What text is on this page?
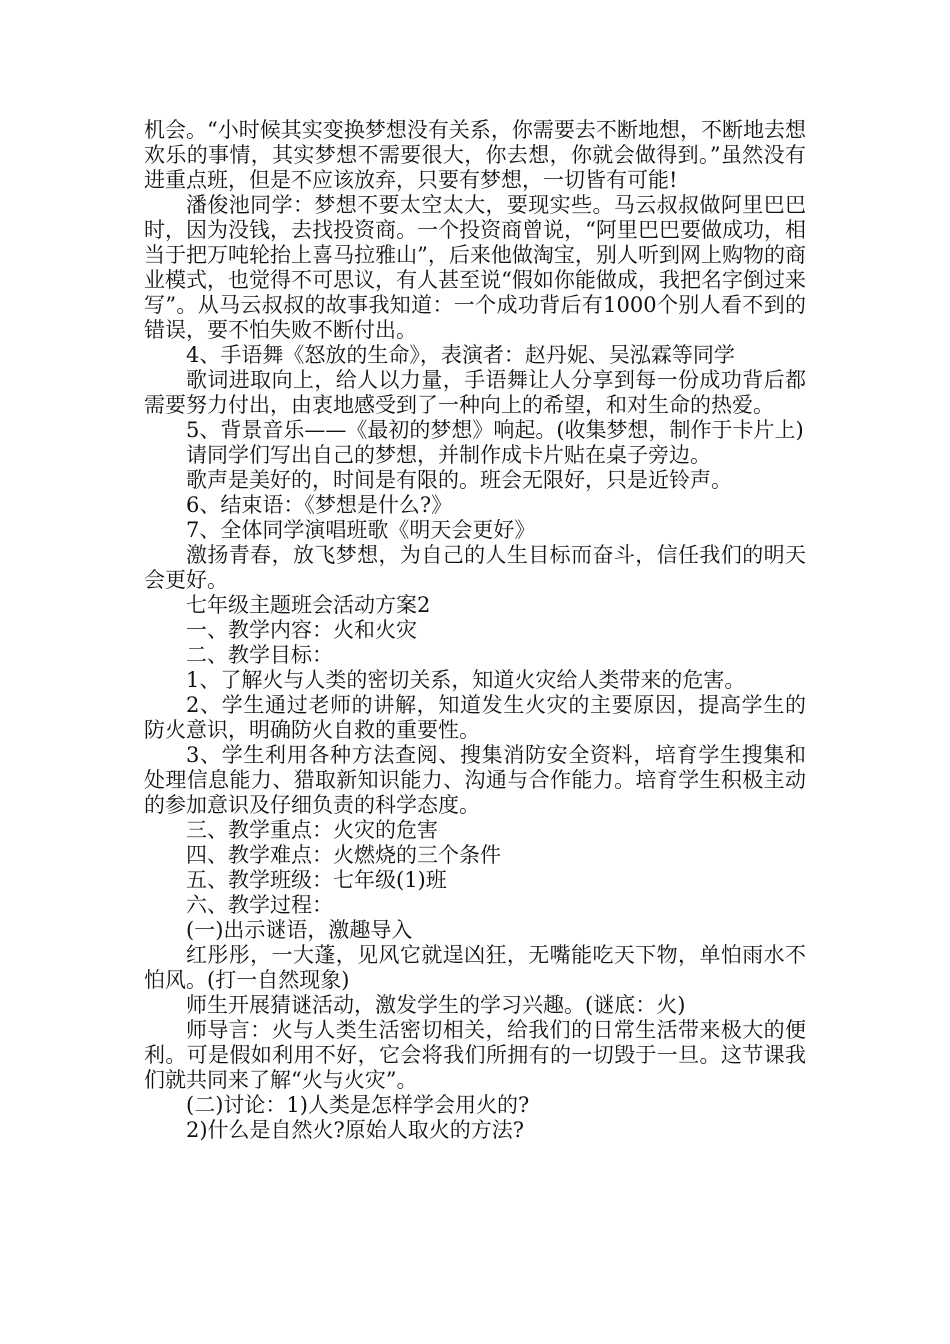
机会。“小时候其实变换梦想没有关系，你需要去不断地想，不断地去想欢乐的事情，其实梦想不需要很大，你去想，你就会做得到。”虽然没有进重点班，但是不应该放弃，只要有梦想，一切皆有可能!

潘俊池同学：梦想不要太空太大，要现实些。马云叔叔做阿里巴巴时，因为没钱，去找投资商。一个投资商曾说，“阿里巴巴要做成功，相当于把万吨轮抬上喜马拉雅山”，后来他做淘宝，别人听到网上购物的商业模式，也觉得不可思议，有人甚至说“假如你能做成，我把名字倒过来写”。从马云叔叔的故事我知道：一个成功背后有1000个别人看不到的错误，要不怕失败不断付出。

4、手语舞《怒放的生命》，表演者：赵丹妮、吴泓霖等同学

歌词进取向上，给人以力量，手语舞让人分享到每一份成功背后都需要努力付出，由衷地感受到了一种向上的希望，和对生命的热爱。

5、背景音乐——《最初的梦想》响起。(收集梦想，制作于卡片上)

请同学们写出自己的梦想，并制作成卡片贴在桌子旁边。

歌声是美好的，时间是有限的。班会无限好，只是近铃声。

6、结束语：《梦想是什么?》

7、全体同学演唱班歌《明天会更好》

激扬青春，放飞梦想，为自己的人生目标而奋斗，信任我们的明天会更好。

七年级主题班会活动方案2

一、教学内容：火和火灾

二、教学目标：

1、了解火与人类的密切关系，知道火灾给人类带来的危害。

2、学生通过老师的讲解，知道发生火灾的主要原因，提高学生的防火意识，明确防火自救的重要性。

3、学生利用各种方法查阅、搜集消防安全资料，培育学生搜集和处理信息能力、猎取新知识能力、沟通与合作能力。培育学生积极主动的参加意识及仔细负责的科学态度。

三、教学重点：火灾的危害

四、教学难点：火燃烧的三个条件

五、教学班级：七年级(1)班

六、教学过程：

(一)出示谜语，激趣导入

红彤彤，一大蓬，见风它就逞凶狂，无嘴能吃天下物，单怕雨水不怕风。(打一自然现象)

师生开展猜谜活动，激发学生的学习兴趣。(谜底：火)

师导言：火与人类生活密切相关，给我们的日常生活带来极大的便利。可是假如利用不好，它会将我们所拥有的一切毁于一旦。这节课我们就共同来了解“火与火灾”。

(二)讨论：1)人类是怎样学会用火的?

2)什么是自然火?原始人取火的方法?
